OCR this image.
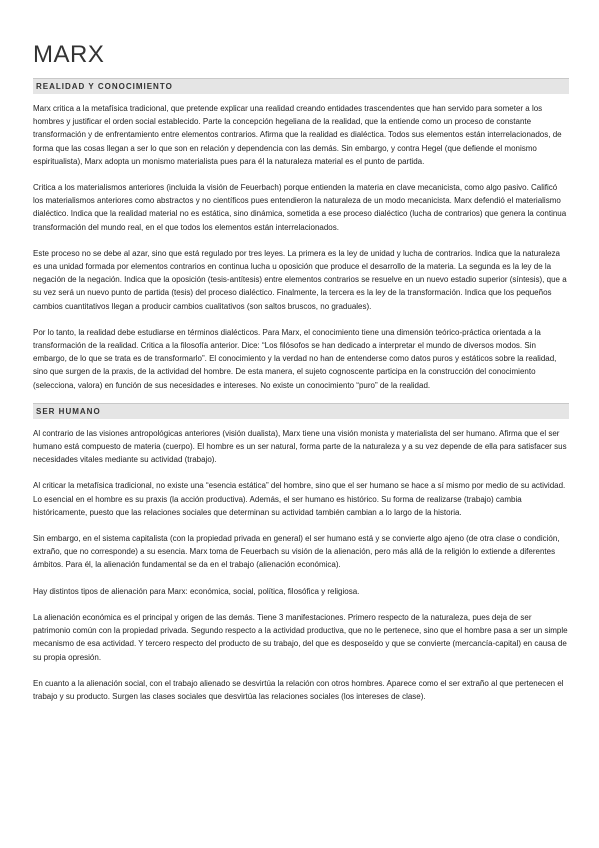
MARX
REALIDAD Y CONOCIMIENTO

Marx critica a la metafísica tradicional, que pretende explicar una realidad creando entidades trascendentes que han servido para someter a los hombres y justificar el orden social establecido. Parte la concepción hegeliana de la realidad, que la entiende como un proceso de constante transformación y de enfrentamiento entre elementos contrarios. Afirma que la realidad es dialéctica. Todos sus elementos están interrelacionados, de forma que las cosas llegan a ser lo que son en relación y dependencia con las demás. Sin embargo, y contra Hegel (que defiende el monismo espiritualista), Marx adopta un monismo materialista pues para él la naturaleza material es el punto de partida.

Critica a los materialismos anteriores (incluida la visión de Feuerbach) porque entienden la materia en clave mecanicista, como algo pasivo. Calificó los materialismos anteriores como abstractos y no científicos pues entendieron la naturaleza de un modo mecanicista. Marx defendió el materialismo dialéctico. Indica que la realidad material no es estática, sino dinámica, sometida a ese proceso dialéctico (lucha de contrarios) que genera la continua transformación del mundo real, en el que todos los elementos están interrelacionados.

Este proceso no se debe al azar, sino que está regulado por tres leyes. La primera es la ley de unidad y lucha de contrarios. Indica que la naturaleza es una unidad formada por elementos contrarios en continua lucha u oposición que produce el desarrollo de la materia. La segunda es la ley de la negación de la negación. Indica que la oposición (tesis-antítesis) entre elementos contrarios se resuelve en un nuevo estadio superior (síntesis), que a su vez será un nuevo punto de partida (tesis) del proceso dialéctico. Finalmente, la tercera es la ley de la transformación. Indica que los pequeños cambios cuantitativos llegan a producir cambios cualitativos (son saltos bruscos, no graduales).

Por lo tanto, la realidad debe estudiarse en términos dialécticos. Para Marx, el conocimiento tiene una dimensión teórico-práctica orientada a la transformación de la realidad. Critica a la filosofía anterior. Dice: “Los filósofos se han dedicado a interpretar el mundo de diversos modos. Sin embargo, de lo que se trata es de transformarlo”. El conocimiento y la verdad no han de entenderse como datos puros y estáticos sobre la realidad, sino que surgen de la praxis, de la actividad del hombre. De esta manera, el sujeto cognoscente participa en la construcción del conocimiento (selecciona, valora) en función de sus necesidades e intereses. No existe un conocimiento “puro” de la realidad.

SER HUMANO

Al contrario de las visiones antropológicas anteriores (visión dualista), Marx tiene una visión monista y materialista del ser humano. Afirma que el ser humano está compuesto de materia (cuerpo). El hombre es un ser natural, forma parte de la naturaleza y a su vez depende de ella para satisfacer sus necesidades vitales mediante su actividad (trabajo).

Al criticar la metafísica tradicional, no existe una “esencia estática” del hombre, sino que el ser humano se hace a sí mismo por medio de su actividad. Lo esencial en el hombre es su praxis (la acción productiva). Además, el ser humano es histórico. Su forma de realizarse (trabajo) cambia históricamente, puesto que las relaciones sociales que determinan su actividad también cambian a lo largo de la historia.

Sin embargo, en el sistema capitalista (con la propiedad privada en general) el ser humano está y se convierte algo ajeno (de otra clase o condición, extraño, que no corresponde) a su esencia. Marx toma de Feuerbach su visión de la alienación, pero más allá de la religión lo extiende a diferentes ámbitos. Para él, la alienación fundamental se da en el trabajo (alienación económica).

Hay distintos tipos de alienación para Marx: económica, social, política, filosófica y religiosa.

La alienación económica es el principal y origen de las demás. Tiene 3 manifestaciones. Primero respecto de la naturaleza, pues deja de ser patrimonio común con la propiedad privada. Segundo respecto a la actividad productiva, que no le pertenece, sino que el hombre pasa a ser un simple mecanismo de esa actividad. Y tercero respecto del producto de su trabajo, del que es desposeído y que se convierte (mercancía-capital) en causa de su propia opresión.

En cuanto a la alienación social, con el trabajo alienado se desvirtúa la relación con otros hombres. Aparece como el ser extraño al que pertenecen el trabajo y su producto. Surgen las clases sociales que desvirtúa las relaciones sociales (los intereses de clase).
